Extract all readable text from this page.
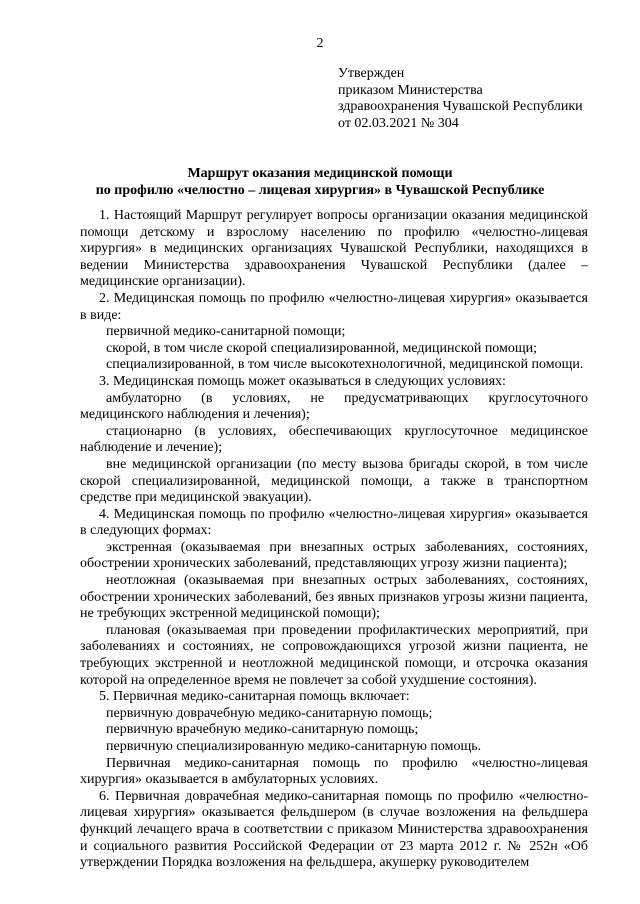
2
Утвержден
приказом Министерства
здравоохранения Чувашской Республики
от 02.03.2021 № 304
Маршрут оказания медицинской помощи
по профилю «челюстно – лицевая хирургия» в Чувашской Республике

1. Настоящий Маршрут регулирует вопросы организации оказания медицинской помощи детскому и взрослому населению по профилю «челюстно-лицевая хирургия» в медицинских организациях Чувашской Республики, находящихся в ведении Министерства здравоохранения Чувашской Республики (далее – медицинские организации).

2. Медицинская помощь по профилю «челюстно-лицевая хирургия» оказывается в виде:

первичной медико-санитарной помощи;

скорой, в том числе скорой специализированной, медицинской помощи;

специализированной, в том числе высокотехнологичной, медицинской помощи.

3. Медицинская помощь может оказываться в следующих условиях:

амбулаторно (в условиях, не предусматривающих круглосуточного медицинского наблюдения и лечения);

стационарно (в условиях, обеспечивающих круглосуточное медицинское наблюдение и лечение);

вне медицинской организации (по месту вызова бригады скорой, в том числе скорой специализированной, медицинской помощи, а также в транспортном средстве при медицинской эвакуации).

4. Медицинская помощь по профилю «челюстно-лицевая хирургия» оказывается в следующих формах:

экстренная (оказываемая при внезапных острых заболеваниях, состояниях, обострении хронических заболеваний, представляющих угрозу жизни пациента);

неотложная (оказываемая при внезапных острых заболеваниях, состояниях, обострении хронических заболеваний, без явных признаков угрозы жизни пациента, не требующих экстренной медицинской помощи);

плановая (оказываемая при проведении профилактических мероприятий, при заболеваниях и состояниях, не сопровождающихся угрозой жизни пациента, не требующих экстренной и неотложной медицинской помощи, и отсрочка оказания которой на определенное время не повлечет за собой ухудшение состояния).

5. Первичная медико-санитарная помощь включает:

первичную доврачебную медико-санитарную помощь;

первичную врачебную медико-санитарную помощь;

первичную специализированную медико-санитарную помощь.

Первичная медико-санитарная помощь по профилю «челюстно-лицевая хирургия» оказывается в амбулаторных условиях.

6. Первичная доврачебная медико-санитарная помощь по профилю «челюстно-лицевая хирургия» оказывается фельдшером (в случае возложения на фельдшера функций лечащего врача в соответствии с приказом Министерства здравоохранения и социального развития Российской Федерации от 23 марта 2012 г. № 252н «Об утверждении Порядка возложения на фельдшера, акушерку руководителем
